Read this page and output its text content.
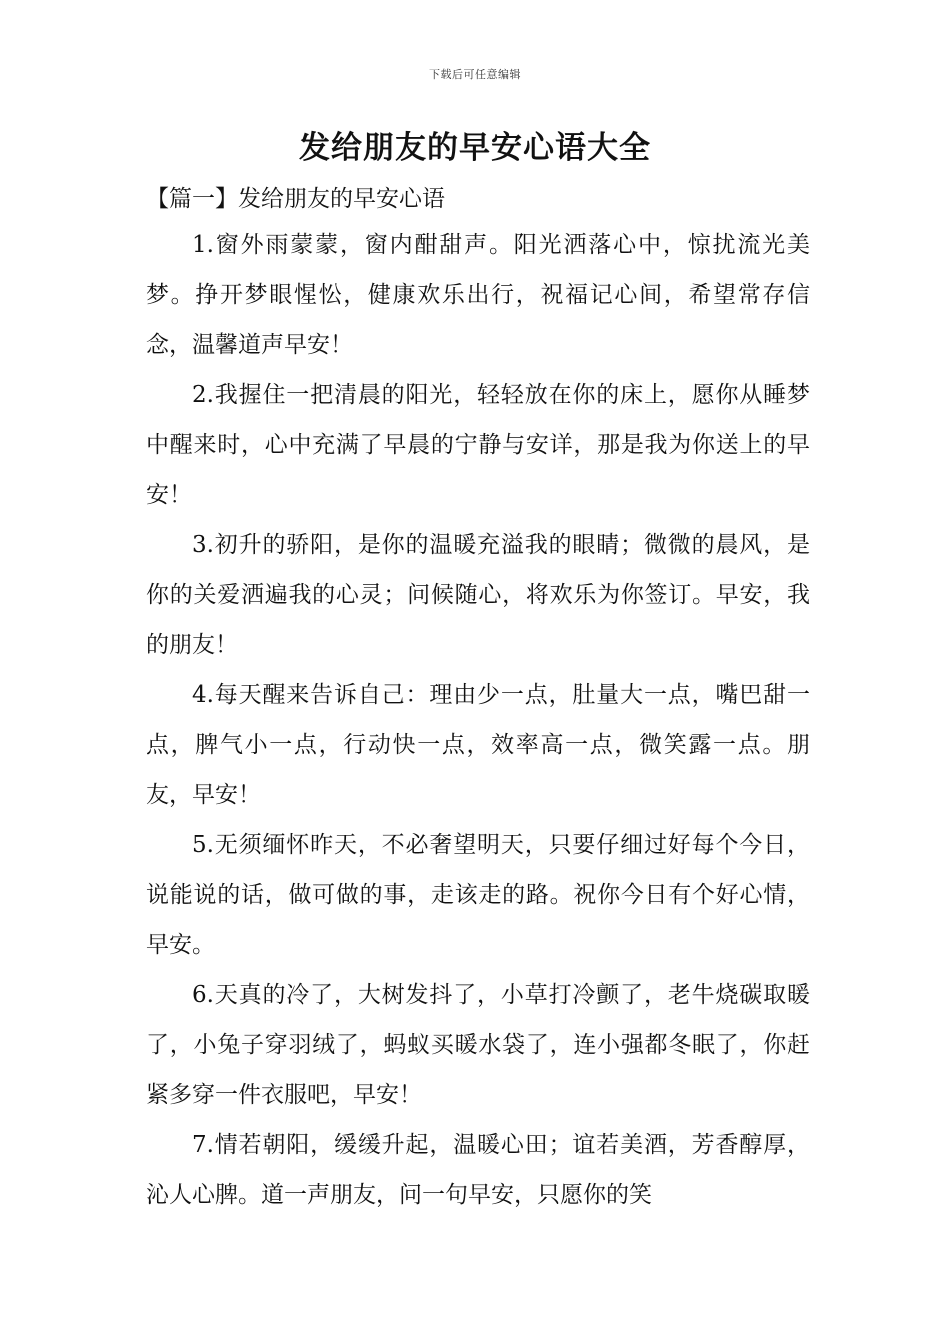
下载后可任意编辑
发给朋友的早安心语大全

【篇一】发给朋友的早安心语

1.窗外雨蒙蒙，窗内酣甜声。阳光洒落心中，惊扰流光美梦。挣开梦眼惺忪，健康欢乐出行，祝福记心间，希望常存信念，温馨道声早安！

2.我握住一把清晨的阳光，轻轻放在你的床上，愿你从睡梦中醒来时，心中充满了早晨的宁静与安详，那是我为你送上的早安！

3.初升的骄阳，是你的温暖充溢我的眼睛；微微的晨风，是你的关爱洒遍我的心灵；问候随心，将欢乐为你签订。早安，我的朋友！

4.每天醒来告诉自己：理由少一点，肚量大一点，嘴巴甜一点，脾气小一点，行动快一点，效率高一点，微笑露一点。朋友，早安！

5.无须缅怀昨天，不必奢望明天，只要仔细过好每个今日，说能说的话，做可做的事，走该走的路。祝你今日有个好心情，早安。

6.天真的冷了，大树发抖了，小草打冷颤了，老牛烧碳取暖了，小兔子穿羽绒了，蚂蚁买暖水袋了，连小强都冬眠了，你赶紧多穿一件衣服吧，早安！

7.情若朝阳，缓缓升起，温暖心田；谊若美酒，芳香醇厚，沁人心脾。道一声朋友，问一句早安，只愿你的笑
